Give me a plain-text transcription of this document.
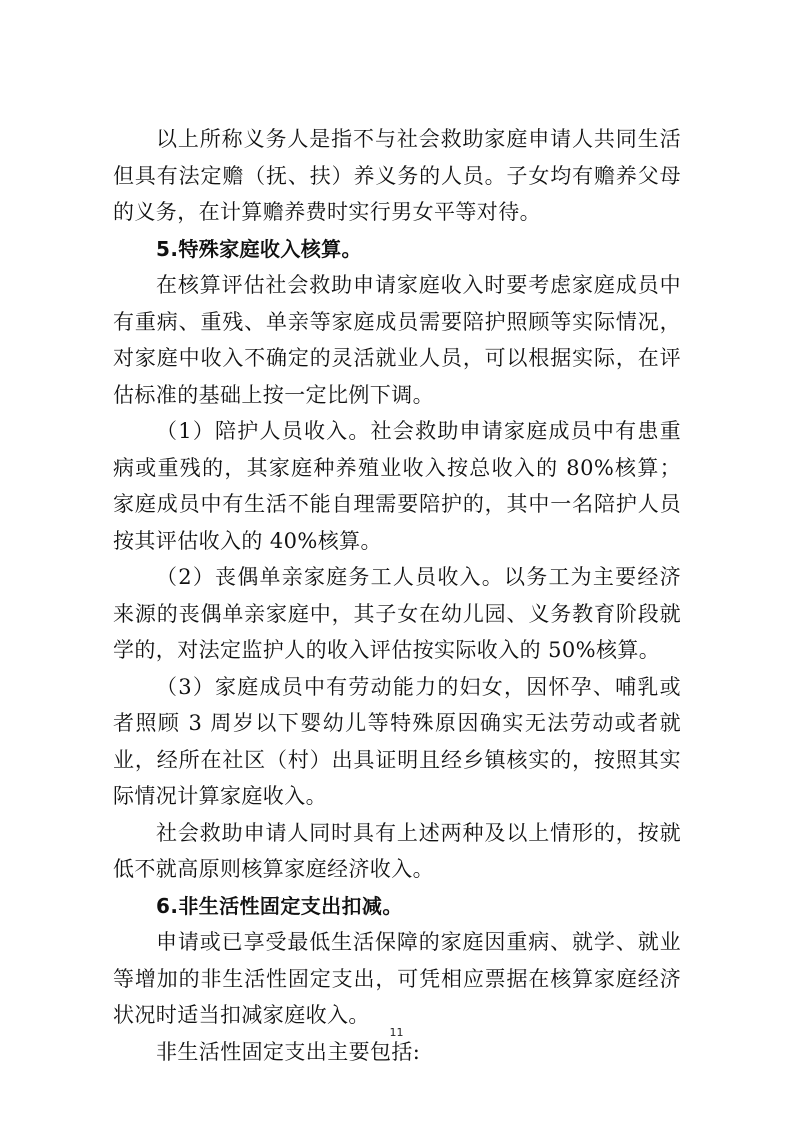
以上所称义务人是指不与社会救助家庭申请人共同生活但具有法定赡（抚、扶）养义务的人员。子女均有赡养父母的义务，在计算赡养费时实行男女平等对待。

5.特殊家庭收入核算。

在核算评估社会救助申请家庭收入时要考虑家庭成员中有重病、重残、单亲等家庭成员需要陪护照顾等实际情况，对家庭中收入不确定的灵活就业人员，可以根据实际，在评估标准的基础上按一定比例下调。

（1）陪护人员收入。社会救助申请家庭成员中有患重病或重残的，其家庭种养殖业收入按总收入的 80%核算；家庭成员中有生活不能自理需要陪护的，其中一名陪护人员按其评估收入的 40%核算。

（2）丧偶单亲家庭务工人员收入。以务工为主要经济来源的丧偶单亲家庭中，其子女在幼儿园、义务教育阶段就学的，对法定监护人的收入评估按实际收入的 50%核算。

（3）家庭成员中有劳动能力的妇女，因怀孕、哺乳或者照顾 3 周岁以下婴幼儿等特殊原因确实无法劳动或者就业，经所在社区（村）出具证明且经乡镇核实的，按照其实际情况计算家庭收入。

社会救助申请人同时具有上述两种及以上情形的，按就低不就高原则核算家庭经济收入。

6.非生活性固定支出扣减。

申请或已享受最低生活保障的家庭因重病、就学、就业等增加的非生活性固定支出，可凭相应票据在核算家庭经济状况时适当扣减家庭收入。

非生活性固定支出主要包括:

11
